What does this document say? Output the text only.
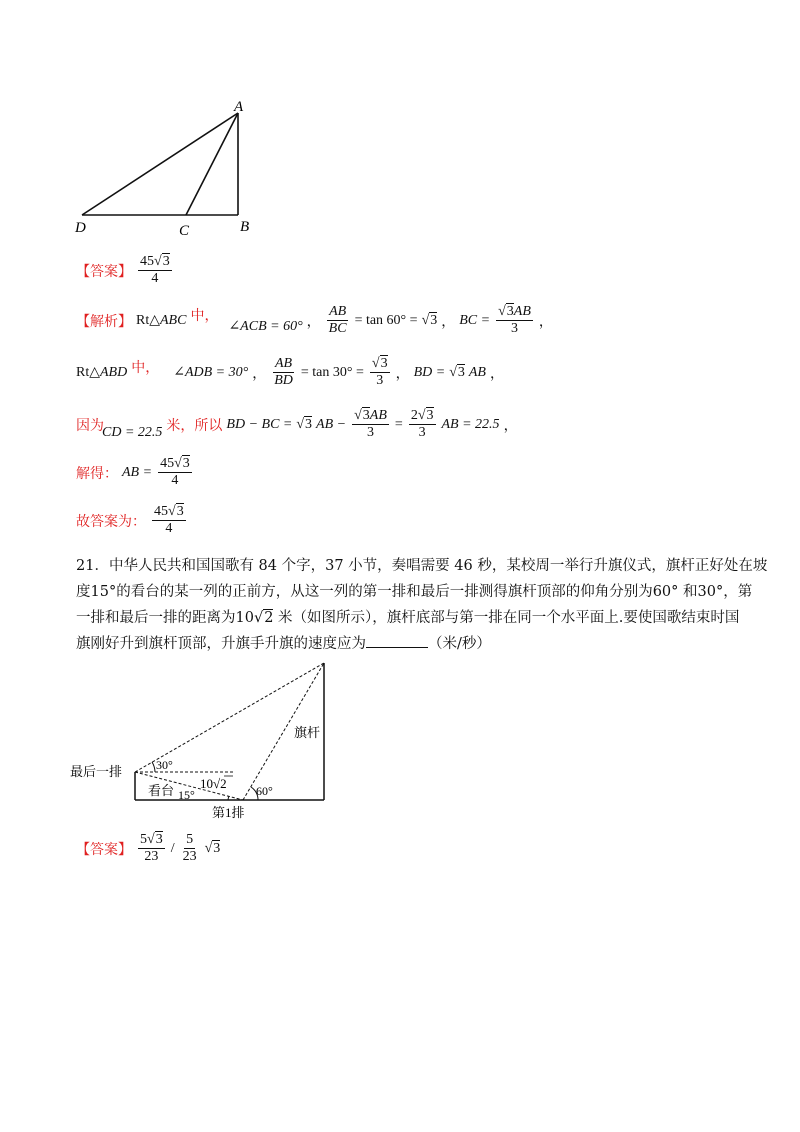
A
B
C
D
【答案】 $\frac{45√3}{4}$
【解析】 Rt△ ABC 中，
∠ACB = 60° ， $\frac{AB}{BC} = \tan 60^\circ = √3$ ， BC = $\frac{√3AB}{3}$ ，
Rt△ ABD 中， ∠ADB = 30° ， $\frac{AB}{BD} = \tan 30^\circ = \frac{√3}{3}$ ， BD = √3 AB ，
因为
CD = 22.5 米，所以 BD − BC = √3 AB − $\frac{√3AB}{3} = \frac{2√3}{3}$ AB = 22.5 ，
解得： AB = $\frac{45√3}{4}$
故答案为： $\frac{45√3}{4}$
21．中华人民共和国国歌有 84 个字，37 小节，奏唱需要 46 秒，某校周一举行升旗仪式，旗杆正好处在坡
度15°的看台的某一列的正前方，从这一列的第一排和最后一排测得旗杆顶部的仰角分别为60° 和30°，第
一排和最后一排的距离为10√2 米（如图所示），旗杆底部与第一排在同一个水平面上.要使国歌结束时国
旗刚好升到旗杆顶部，升旗手升旗的速度应为	（米/秒）
最后一排	30°
10√2
看台 15°	60°
旗杆
第1排
【答案】 $\frac{5√3}{23} / \frac{5}{23} √3$
